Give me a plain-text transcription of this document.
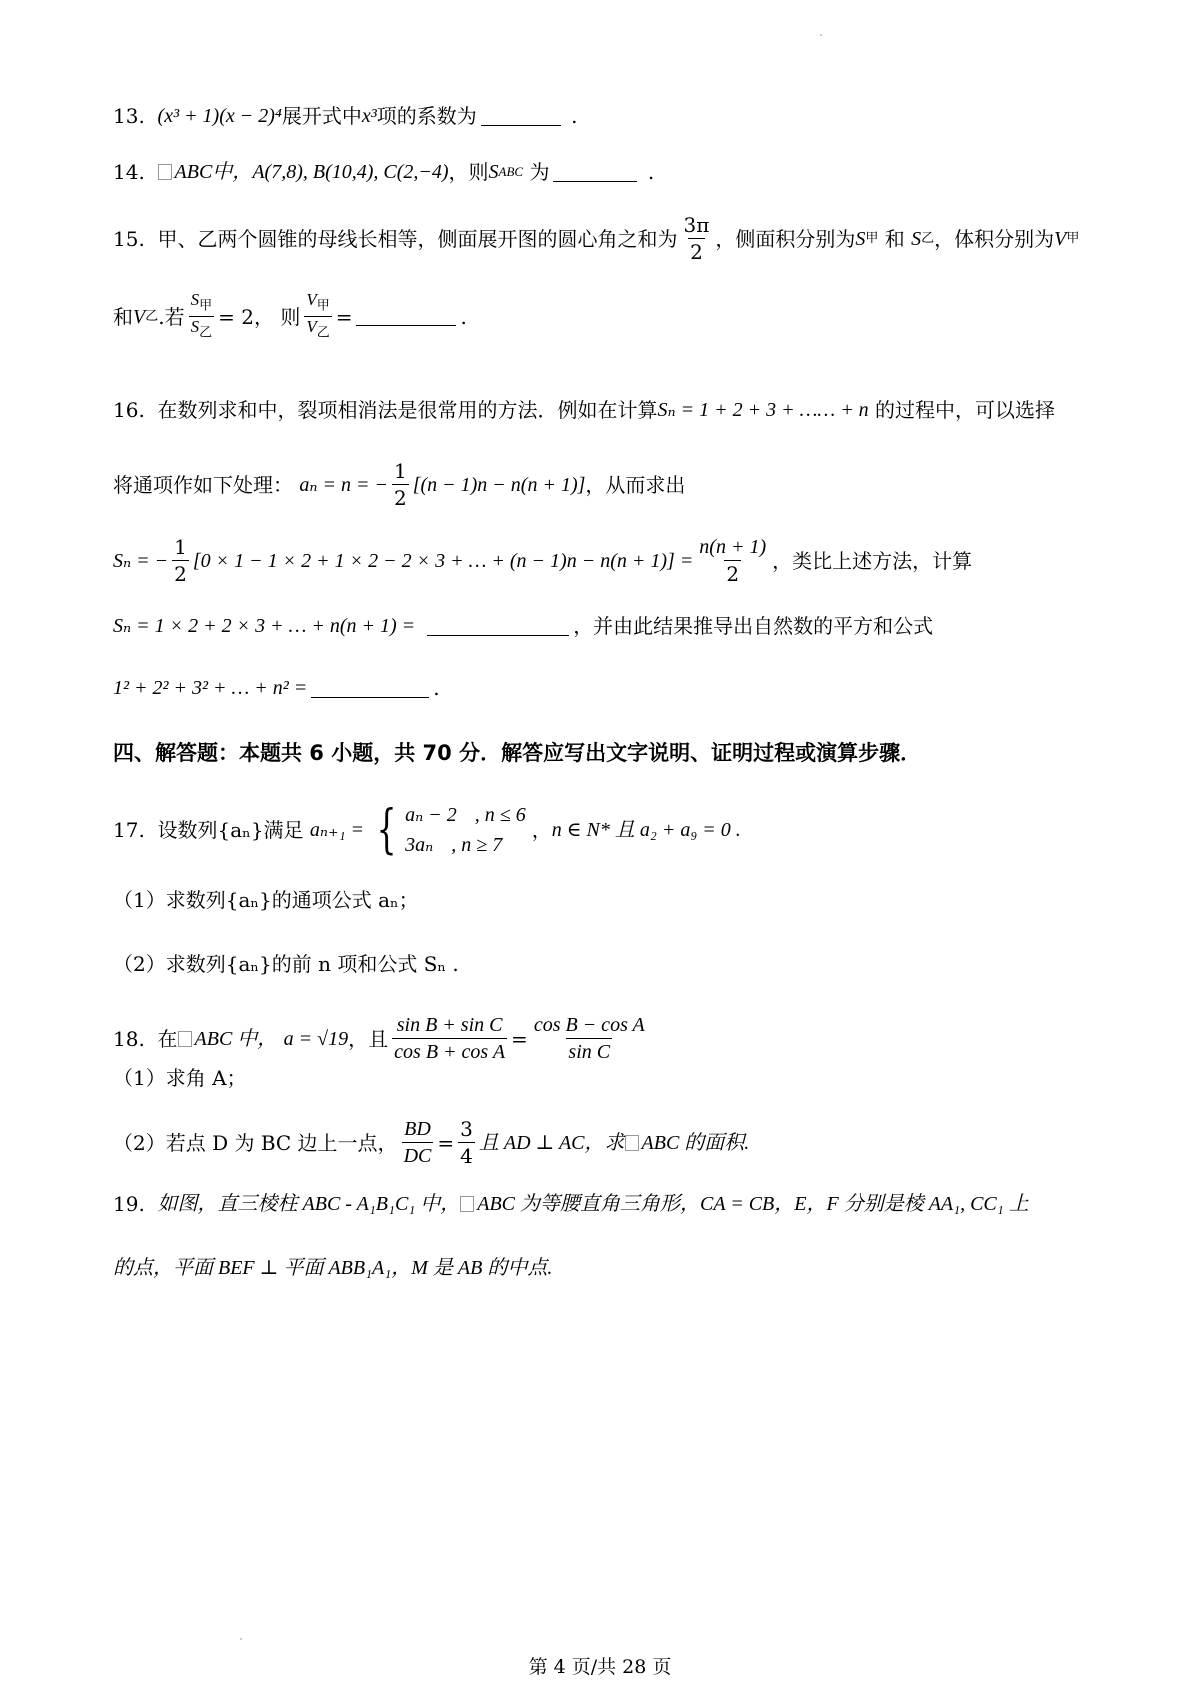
13.
(x³ + 1)(x − 2)⁴ 展开式中 x³ 项的系数为
	.
14.
ABC中， A(7,8), B(10,4), C(2,−4) ，则 S ABC
为
	.
15.
甲、乙两个圆锥的母线长相等，侧面展开图的圆心角之和为 $\frac{3\pi}{2}$ ，侧面积分别为 S 甲
和
S 乙 ，体积分别为 V 甲
和 V 乙 .若 $\frac{S_甲}{S_乙} = 2$，
则 $\frac{V_甲}{V_乙}$ =	.
16.
在数列求和中，裂项相消法是很常用的方法．例如在计算 Sₙ = 1 + 2 + 3 + …… + n
的过程中，可以选择
将通项作如下处理：
aₙ = n = − $\frac{1}{2} [(n - 1)n - n(n + 1)]$ ，从而求出
Sₙ = − $\frac{1}{2} [0 \times 1 - 1 \times 2 + 1 \times 2 - 2 \times 3$ + … + $(n - 1)n - n(n + 1)] = \frac{n(n + 1)}{2}$ ，类比上述方法，计算
Sₙ = 1 × 2 + 2 × 3 + … + n(n + 1) =	，并由此结果推导出自然数的平方和公式
1² + 2² + 3² + … + n² =	.
四、解答题：本题共 6 小题，共 70 分．解答应写出文字说明、证明过程或演算步骤．
17.
设数列{aₙ}满足
aₙ₊₁ = { aₙ − 2 , n ≤ 6
3aₙ , n ≥ 7
， n ∈ N* 且 a₂ + a₉ = 0 .
（1）求数列{aₙ}的通项公式 aₙ；
（2）求数列{aₙ}的前 n 项和公式 Sₙ .
18.
在 ABC 中，
a = √19 ，且 $\frac{\text{sin B + sin C}}{\text{cos B + cos A}} = \frac{\text{cos B − cos A}}{\text{sin C}}$
（1）求角 A；
（2）若点 D 为 BC 边上一点， $\frac{BD}{DC} = \frac{3}{4}$ 且 AD ⊥ AC，求 ABC 的面积.
19.
如图，直三棱柱 ABC - A₁B₁C₁ 中， ABC 为等腰直角三角形，CA = CB，E，F 分别是棱 AA₁, CC₁ 上
的点，平面 BEF ⊥ 平面 ABB₁A₁，M 是 AB 的中点.
第 4 页/共 28 页
